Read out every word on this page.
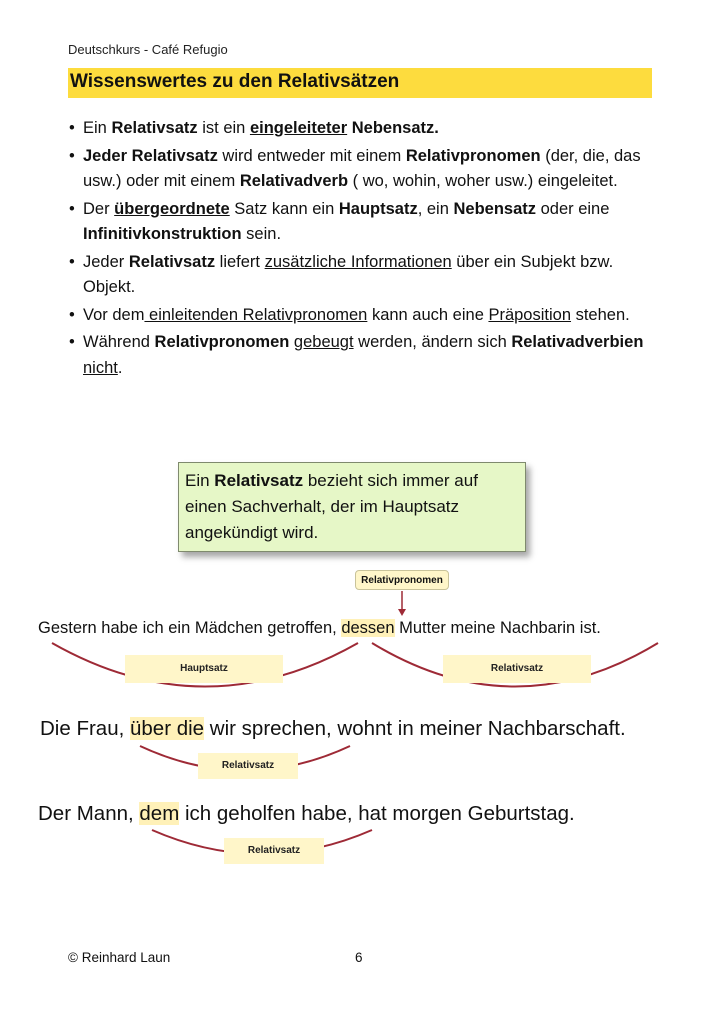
Deutschkurs - Café Refugio
Wissenswertes zu den Relativsätzen
• Ein Relativsatz ist ein eingeleiteter Nebensatz.
• Jeder Relativsatz wird entweder mit einem Relativpronomen (der, die, das usw.) oder mit einem Relativadverb ( wo, wohin, woher usw.) eingeleitet.
• Der übergeordnete Satz kann ein Hauptsatz, ein Nebensatz oder eine Infinitivkonstruktion sein.
• Jeder Relativsatz liefert zusätzliche Informationen über ein Subjekt bzw. Objekt.
• Vor dem einleitenden Relativpronomen kann auch eine Präposition stehen.
• Während Relativpronomen gebeugt werden, ändern sich Relativadverbien nicht.
Ein Relativsatz bezieht sich immer auf einen Sachverhalt, der im Hauptsatz angekündigt wird.
Relativpronomen
Gestern habe ich ein Mädchen getroffen, dessen Mutter meine Nachbarin ist.
Hauptsatz	Relativsatz
Die Frau, über die wir sprechen, wohnt in meiner Nachbarschaft.
Relativsatz
Der Mann, dem ich geholfen habe, hat morgen Geburtstag.
Relativsatz
© Reinhard Laun	6
